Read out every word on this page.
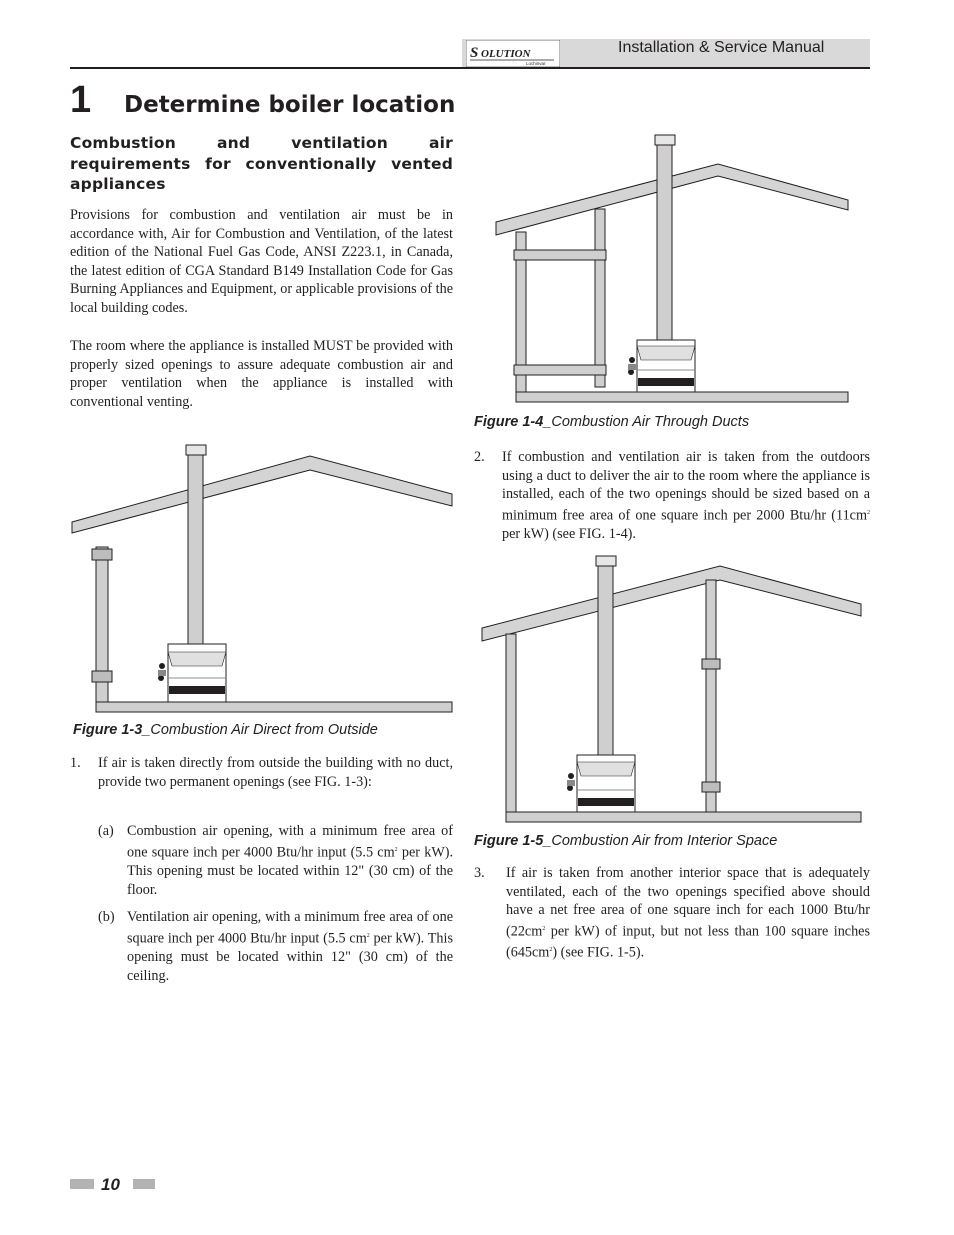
S OLUTION
Lochinvar
Installation & Service Manual
1 Determine boiler location
Combustion and ventilation air requirements for conventionally vented appliances
Provisions for combustion and ventilation air must be in accordance with, Air for Combustion and Ventilation, of the latest edition of the National Fuel Gas Code, ANSI Z223.1, in Canada, the latest edition of CGA Standard B149 Installation Code for Gas Burning Appliances and Equipment, or applicable provisions of the local building codes.
The room where the appliance is installed MUST be provided with properly sized openings to assure adequate combustion air and proper ventilation when the appliance is installed with conventional venting.
Figure 1-3_Combustion Air Direct from Outside
1. If air is taken directly from outside the building with no duct, provide two permanent openings (see FIG. 1-3):
(a) Combustion air opening, with a minimum free area of one square inch per 4000 Btu/hr input (5.5 $cm^2$ per kW). This opening must be located within 12" (30 cm) of the floor.
(b) Ventilation air opening, with a minimum free area of one square inch per 4000 Btu/hr input (5.5 $cm^2$ per kW). This opening must be located within 12" (30 cm) of the ceiling.
Figure 1-4_Combustion Air Through Ducts
2. If combustion and ventilation air is taken from the outdoors using a duct to deliver the air to the room where the appliance is installed, each of the two openings should be sized based on a minimum free area of one square inch per 2000 Btu/hr ($11cm^2$ per kW) (see FIG. 1-4).
Figure 1-5_Combustion Air from Interior Space
3. If air is taken from another interior space that is adequately ventilated, each of the two openings specified above should have a net free area of one square inch for each 1000 Btu/hr ($22cm^2$ per kW) of input, but not less than 100 square inches $(645cm^2)$ (see FIG. 1-5).
10
